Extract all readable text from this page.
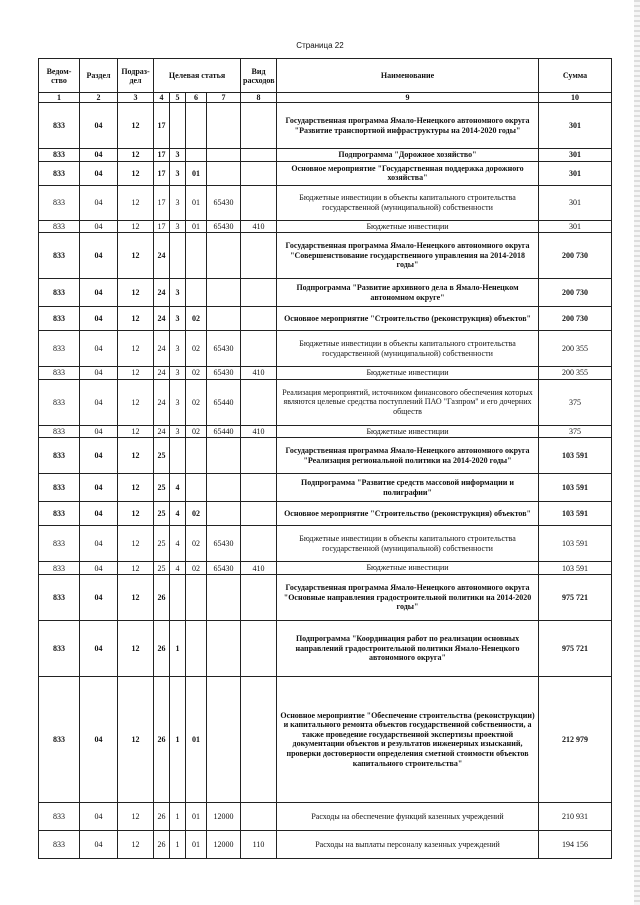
Страница 22
Ведом-ство	Раздел	Подраз-дел	Целевая статья				Вид расходов	Наименование	Сумма
1	2	3	4	5	6	7	8	9	10
833	04	12	17					Государственная программа Ямало-Ненецкого автономного округа "Развитие транспортной инфраструктуры на 2014-2020 годы"	301
833	04	12	17	3				Подпрограмма "Дорожное хозяйство"	301
833	04	12	17	3	01			Основное мероприятие "Государственная поддержка дорожного хозяйства"	301
833	04	12	17	3	01	65430		Бюджетные инвестиции в объекты капитального строительства государственной (муниципальной) собственности	301
833	04	12	17	3	01	65430	410	Бюджетные инвестиции	301
833	04	12	24					Государственная программа Ямало-Ненецкого автономного округа "Совершенствование государственного управления на 2014-2018 годы"	200 730
833	04	12	24	3				Подпрограмма "Развитие архивного дела в Ямало-Ненецком автономном округе"	200 730
833	04	12	24	3	02			Основное мероприятие "Строительство (реконструкция) объектов"	200 730
833	04	12	24	3	02	65430		Бюджетные инвестиции в объекты капитального строительства государственной (муниципальной) собственности	200 355
833	04	12	24	3	02	65430	410	Бюджетные инвестиции	200 355
833	04	12	24	3	02	65440		Реализация мероприятий, источником финансового обеспечения которых являются целевые средства поступлений ПАО "Газпром" и его дочерних обществ	375
833	04	12	24	3	02	65440	410	Бюджетные инвестиции	375
833	04	12	25					Государственная программа Ямало-Ненецкого автономного округа "Реализация региональной политики на 2014-2020 годы"	103 591
833	04	12	25	4				Подпрограмма "Развитие средств массовой информации и полиграфии"	103 591
833	04	12	25	4	02			Основное мероприятие "Строительство (реконструкция) объектов"	103 591
833	04	12	25	4	02	65430		Бюджетные инвестиции в объекты капитального строительства государственной (муниципальной) собственности	103 591
833	04	12	25	4	02	65430	410	Бюджетные инвестиции	103 591
833	04	12	26					Государственная программа Ямало-Ненецкого автономного округа "Основные направления градостроительной политики на 2014-2020 годы"	975 721
833	04	12	26	1				Подпрограмма "Координация работ по реализации основных направлений градостроительной политики Ямало-Ненецкого автономного округа"	975 721
833	04	12	26	1	01			Основное мероприятие "Обеспечение строительства (реконструкции) и капитального ремонта объектов государственной собственности, а также проведение государственной экспертизы проектной документации объектов и результатов инженерных изысканий, проверки достоверности определения сметной стоимости объектов капитального строительства"	212 979
833	04	12	26	1	01	12000		Расходы на обеспечение функций казенных учреждений	210 931
833	04	12	26	1	01	12000	110	Расходы на выплаты персоналу казенных учреждений	194 156
